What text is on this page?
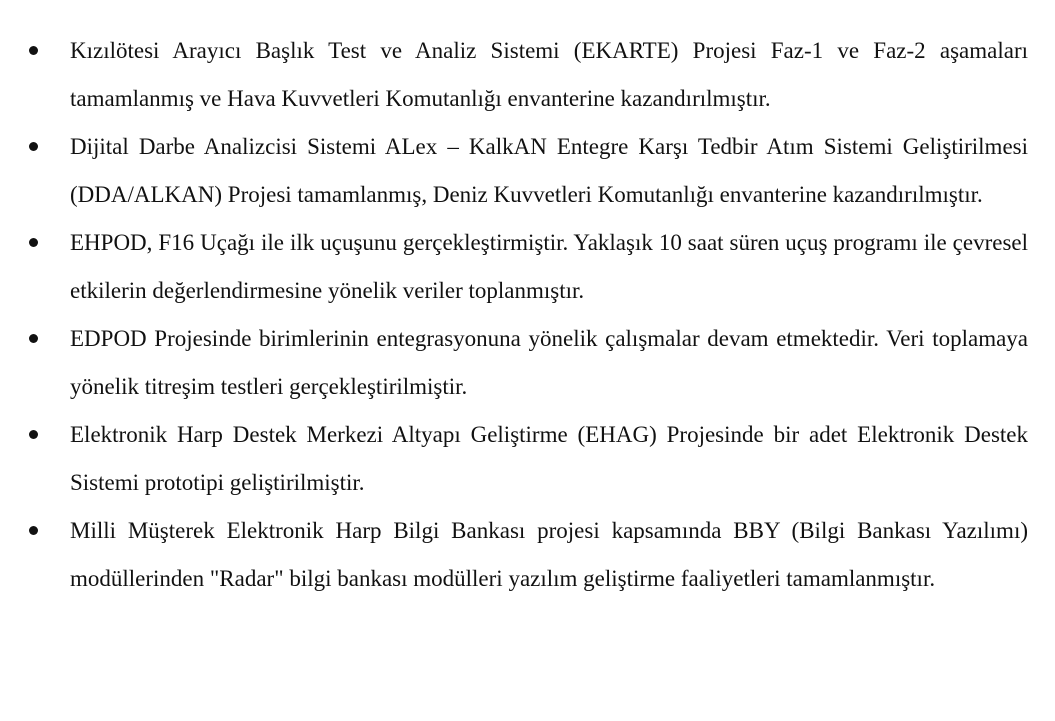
Kızılötesi Arayıcı Başlık Test ve Analiz Sistemi (EKARTE) Projesi Faz-1 ve Faz-2 aşamaları tamamlanmış ve Hava Kuvvetleri Komutanlığı envanterine kazandırılmıştır.
Dijital Darbe Analizcisi Sistemi ALex – KalkAN Entegre Karşı Tedbir Atım Sistemi Geliştirilmesi (DDA/ALKAN) Projesi tamamlanmış, Deniz Kuvvetleri Komutanlığı envanterine kazandırılmıştır.
EHPOD, F16 Uçağı ile ilk uçuşunu gerçekleştirmiştir. Yaklaşık 10 saat süren uçuş programı ile çevresel etkilerin değerlendirmesine yönelik veriler toplanmıştır.
EDPOD Projesinde birimlerinin entegrasyonuna yönelik çalışmalar devam etmektedir. Veri toplamaya yönelik titreşim testleri gerçekleştirilmiştir.
Elektronik Harp Destek Merkezi Altyapı Geliştirme (EHAG) Projesinde bir adet Elektronik Destek Sistemi prototipi geliştirilmiştir.
Milli Müşterek Elektronik Harp Bilgi Bankası projesi kapsamında BBY (Bilgi Bankası Yazılımı) modüllerinden "Radar" bilgi bankası modülleri yazılım geliştirme faaliyetleri tamamlanmıştır.
